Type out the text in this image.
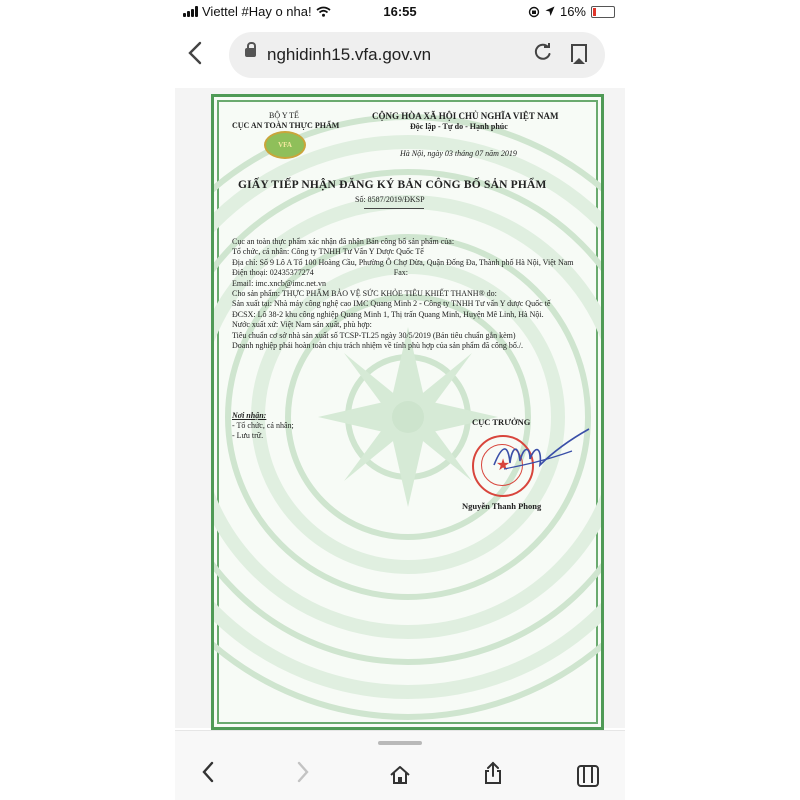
Viettel #Hay o nha!	16:55	16%
nghidinh15.vfa.gov.vn
BỘ Y TẾ
CỤC AN TOÀN THỰC PHẨM
VFA
CỘNG HÒA XÃ HỘI CHỦ NGHĨA VIỆT NAM
Độc lập - Tự do - Hạnh phúc
Hà Nội, ngày 03 tháng 07 năm 2019
GIẤY TIẾP NHẬN ĐĂNG KÝ BẢN CÔNG BỐ SẢN PHẨM
Số: 8587/2019/ĐKSP
Cục an toàn thực phẩm xác nhận đã nhận Bản công bố sản phẩm của:
Tổ chức, cá nhân: Công ty TNHH Tư Vấn Y Dược Quốc Tế
Địa chỉ: Số 9 Lô A Tổ 100 Hoàng Cầu, Phường Ô Chợ Dừa, Quận Đống Đa, Thành phố Hà Nội, Việt Nam
Điện thoại: 02435377274                                        Fax:
Email: imc.xncb@imc.net.vn
Cho sản phẩm: THỰC PHẨM BẢO VỆ SỨC KHỎE TIÊU KHIẾT THANH® do:
Sản xuất tại: Nhà máy công nghệ cao IMC Quang Minh 2 - Công ty TNHH Tư vấn Y dược Quốc tế
ĐCSX: Lô 38-2 khu công nghiệp Quang Minh 1, Thị trấn Quang Minh, Huyện Mê Linh, Hà Nội.
Nước xuất xứ: Việt Nam sản xuất, phù hợp:
Tiêu chuẩn cơ sở nhà sản xuất số TCSP-TI.25 ngày 30/5/2019 (Bản tiêu chuẩn gắn kèm)
Doanh nghiệp phải hoàn toàn chịu trách nhiệm về tính phù hợp của sản phẩm đã công bố./.
Nơi nhận:
- Tổ chức, cá nhân;
- Lưu trữ.
CỤC TRƯỞNG
★
Nguyễn Thanh Phong
